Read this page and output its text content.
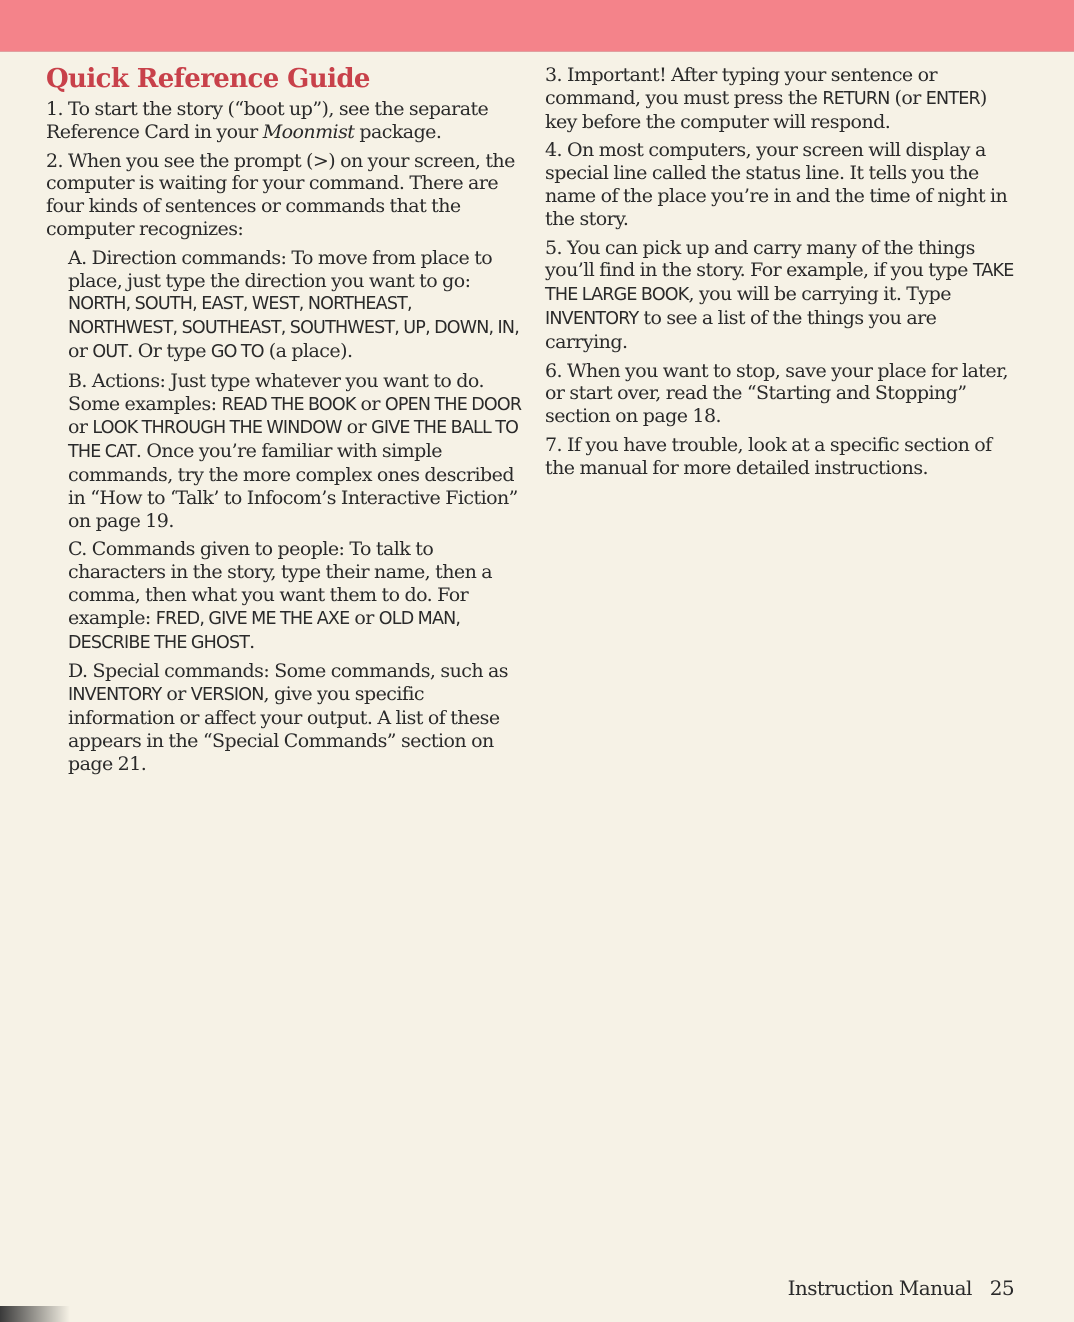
Quick Reference Guide

1. To start the story (“boot up”), see the separate Reference Card in your Moonmist package.

2. When you see the prompt (>) on your screen, the computer is waiting for your command. There are four kinds of sentences or commands that the computer recognizes:

A. Direction commands: To move from place to place, just type the direction you want to go: NORTH, SOUTH, EAST, WEST, NORTHEAST, NORTHWEST, SOUTHEAST, SOUTHWEST, UP, DOWN, IN, or OUT. Or type GO TO (a place).

B. Actions: Just type whatever you want to do. Some examples: READ THE BOOK or OPEN THE DOOR or LOOK THROUGH THE WINDOW or GIVE THE BALL TO THE CAT. Once you’re familiar with simple commands, try the more complex ones described in “How to ‘Talk’ to Infocom’s Interactive Fiction” on page 19.

C. Commands given to people: To talk to characters in the story, type their name, then a comma, then what you want them to do. For example: FRED, GIVE ME THE AXE or OLD MAN, DESCRIBE THE GHOST.

D. Special commands: Some commands, such as INVENTORY or VERSION, give you specific information or affect your output. A list of these appears in the “Special Commands” section on page 21.

3. Important! After typing your sentence or command, you must press the RETURN (or ENTER) key before the computer will respond.

4. On most computers, your screen will display a special line called the status line. It tells you the name of the place you’re in and the time of night in the story.

5. You can pick up and carry many of the things you’ll find in the story. For example, if you type TAKE THE LARGE BOOK, you will be carrying it. Type INVENTORY to see a list of the things you are carrying.

6. When you want to stop, save your place for later, or start over, read the “Starting and Stopping” section on page 18.

7. If you have trouble, look at a specific section of the manual for more detailed instructions.

Instruction Manual 25
